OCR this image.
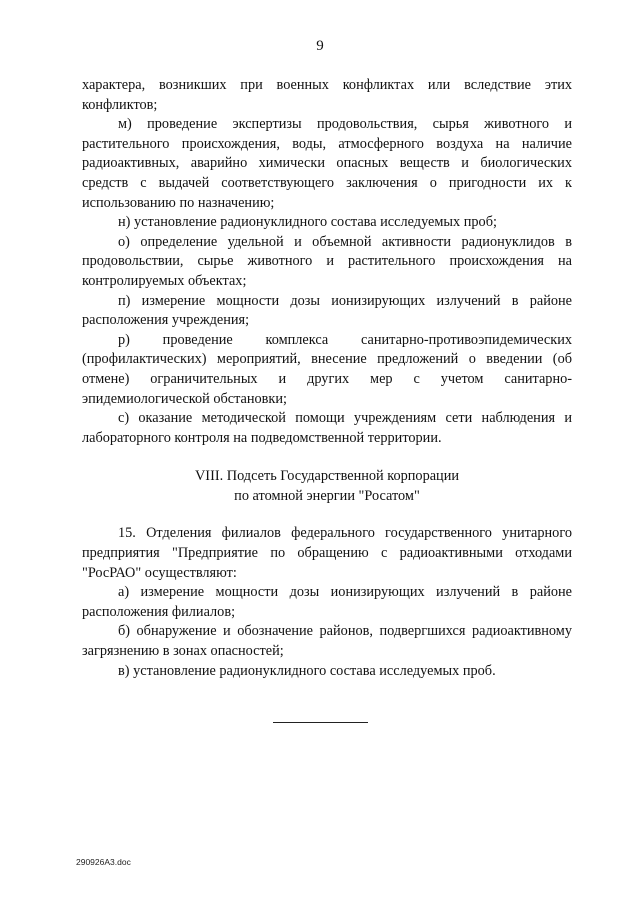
9

характера, возникших при военных конфликтах или вследствие этих конфликтов;

м) проведение экспертизы продовольствия, сырья животного и растительного происхождения, воды, атмосферного воздуха на наличие радиоактивных, аварийно химически опасных веществ и биологических средств с выдачей соответствующего заключения о пригодности их к использованию по назначению;

н) установление радионуклидного состава исследуемых проб;

о) определение удельной и объемной активности радионуклидов в продовольствии, сырье животного и растительного происхождения на контролируемых объектах;

п) измерение мощности дозы ионизирующих излучений в районе расположения учреждения;

р) проведение комплекса санитарно-противоэпидемических (профилактических) мероприятий, внесение предложений о введении (об отмене) ограничительных и других мер с учетом санитарно-эпидемиологической обстановки;

с) оказание методической помощи учреждениям сети наблюдения и лабораторного контроля на подведомственной территории.

VIII. Подсеть Государственной корпорации
по атомной энергии "Росатом"

15. Отделения филиалов федерального государственного унитарного предприятия "Предприятие по обращению с радиоактивными отходами "РосРАО" осуществляют:

а) измерение мощности дозы ионизирующих излучений в районе расположения филиалов;

б) обнаружение и обозначение районов, подвергшихся радиоактивному загрязнению в зонах опасностей;

в) установление радионуклидного состава исследуемых проб.

290926A3.doc
